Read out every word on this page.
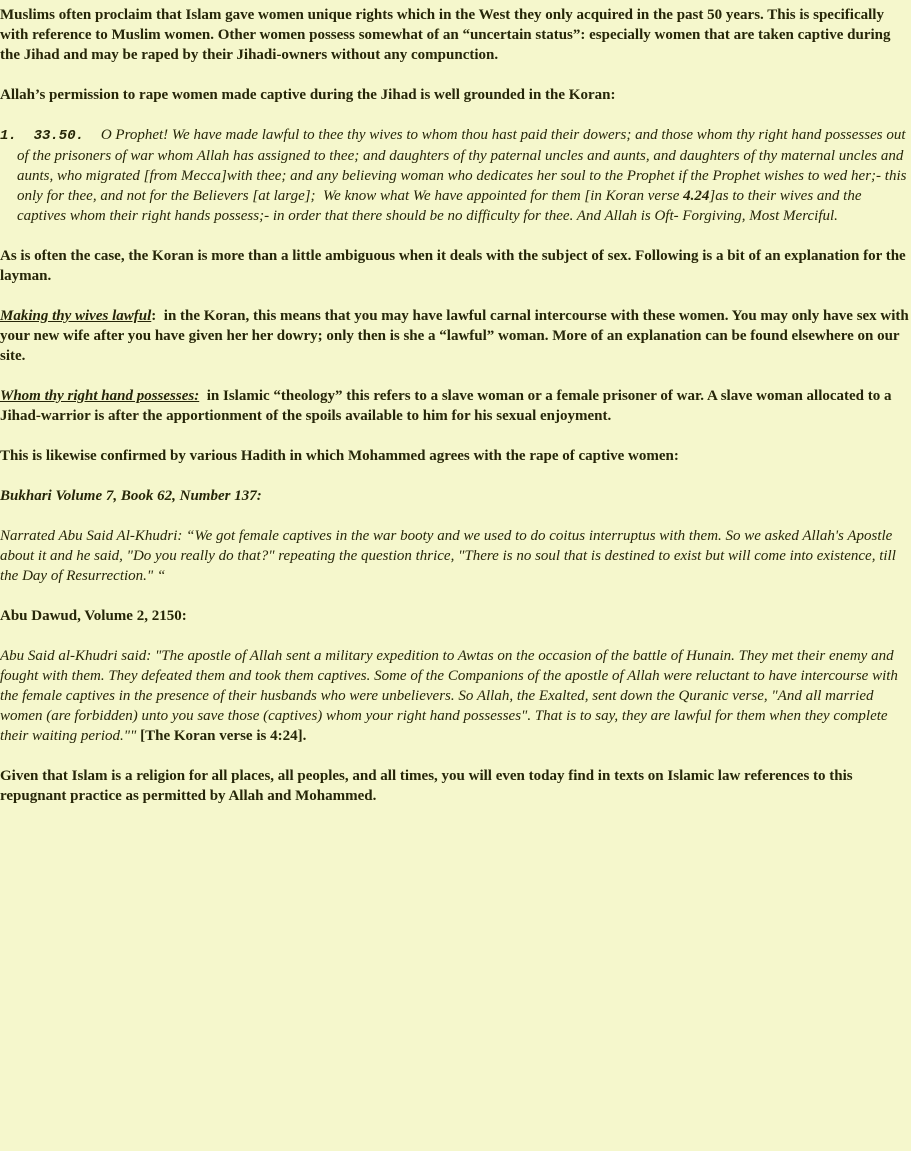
Muslims often proclaim that Islam gave women unique rights which in the West they only acquired in the past 50 years. This is specifically with reference to Muslim women. Other women possess somewhat of an “uncertain status”: especially women that are taken captive during the Jihad and may be raped by their Jihadi-owners without any compunction.

Allah’s permission to rape women made captive during the Jihad is well grounded in the Koran:

1.  33.50.  O Prophet! We have made lawful to thee thy wives to whom thou hast paid their dowers; and those whom thy right hand possesses out of the prisoners of war whom Allah has assigned to thee; and daughters of thy paternal uncles and aunts, and daughters of thy maternal uncles and aunts, who migrated [from Mecca]with thee; and any believing woman who dedicates her soul to the Prophet if the Prophet wishes to wed her;- this only for thee, and not for the Believers [at large];  We know what We have appointed for them [in Koran verse 4.24]as to their wives and the captives whom their right hands possess;- in order that there should be no difficulty for thee. And Allah is Oft- Forgiving, Most Merciful.

As is often the case, the Koran is more than a little ambiguous when it deals with the subject of sex. Following is a bit of an explanation for the layman.

Making thy wives lawful:  in the Koran, this means that you may have lawful carnal intercourse with these women. You may only have sex with your new wife after you have given her her dowry; only then is she a “lawful” woman. More of an explanation can be found elsewhere on our site.

Whom thy right hand possesses:  in Islamic “theology” this refers to a slave woman or a female prisoner of war. A slave woman allocated to a Jihad-warrior is after the apportionment of the spoils available to him for his sexual enjoyment.

This is likewise confirmed by various Hadith in which Mohammed agrees with the rape of captive women:

Bukhari Volume 7, Book 62, Number 137:

Narrated Abu Said Al-Khudri: “We got female captives in the war booty and we used to do coitus interruptus with them. So we asked Allah's Apostle about it and he said, "Do you really do that?" repeating the question thrice, "There is no soul that is destined to exist but will come into existence, till the Day of Resurrection." “

Abu Dawud, Volume 2, 2150:

Abu Said al-Khudri said: "The apostle of Allah sent a military expedition to Awtas on the occasion of the battle of Hunain. They met their enemy and fought with them. They defeated them and took them captives. Some of the Companions of the apostle of Allah were reluctant to have intercourse with the female captives in the presence of their husbands who were unbelievers. So Allah, the Exalted, sent down the Quranic verse, "And all married women (are forbidden) unto you save those (captives) whom your right hand possesses". That is to say, they are lawful for them when they complete their waiting period."" [The Koran verse is 4:24].

Given that Islam is a religion for all places, all peoples, and all times, you will even today find in texts on Islamic law references to this repugnant practice as permitted by Allah and Mohammed.
